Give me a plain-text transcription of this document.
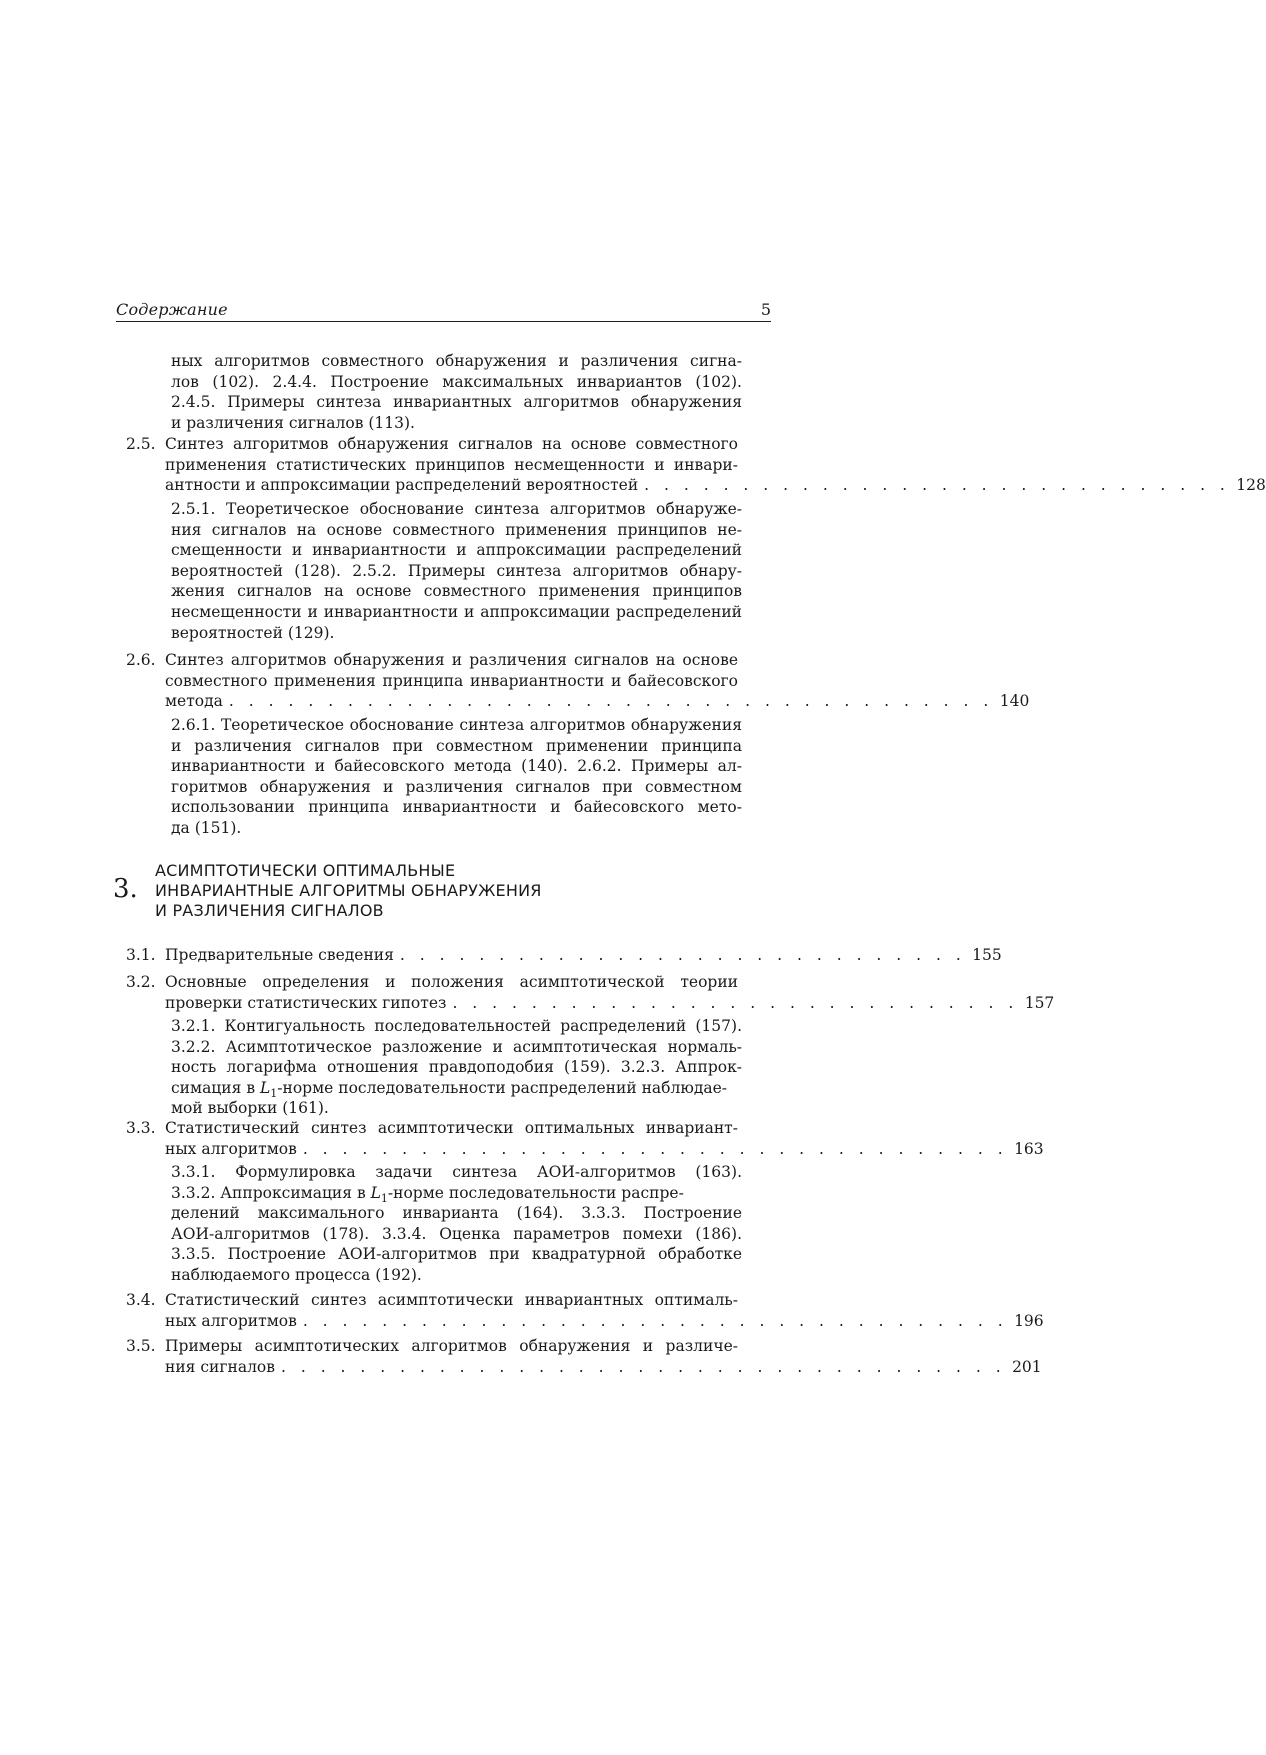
Содержание	5
ных алгоритмов совместного обнаружения и различения сигна-
лов (102). 2.4.4. Построение максимальных инвариантов (102).
2.4.5. Примеры синтеза инвариантных алгоритмов обнаружения
и различения сигналов (113).
2.5. Синтез алгоритмов обнаружения сигналов на основе совместного
применения статистических принципов несмещенности и инвари-
антности и аппроксимации распределений вероятностей . . . . . . . . . . . . . . . . . . . . . . . . . . . . . . 128
2.5.1. Теоретическое обоснование синтеза алгоритмов обнаруже-
ния сигналов на основе совместного применения принципов не-
смещенности и инвариантности и аппроксимации распределений
вероятностей (128). 2.5.2. Примеры синтеза алгоритмов обнару-
жения сигналов на основе совместного применения принципов
несмещенности и инвариантности и аппроксимации распределений
вероятностей (129).
2.6. Синтез алгоритмов обнаружения и различения сигналов на основе
совместного применения принципа инвариантности и байесовского
метода . . . . . . . . . . . . . . . . . . . . . . . . . . . . . . . . . . . . . . . 140
2.6.1. Теоретическое обоснование синтеза алгоритмов обнаружения
и различения сигналов при совместном применении принципа
инвариантности и байесовского метода (140). 2.6.2. Примеры ал-
горитмов обнаружения и различения сигналов при совместном
использовании принципа инвариантности и байесовского мето-
да (151).
3.
АСИМПТОТИЧЕСКИ ОПТИМАЛЬНЫЕ
ИНВАРИАНТНЫЕ АЛГОРИТМЫ ОБНАРУЖЕНИЯ
И РАЗЛИЧЕНИЯ СИГНАЛОВ
3.1. Предварительные сведения . . . . . . . . . . . . . . . . . . . . . . . . . . . . . 155
3.2. Основные определения и положения асимптотической теории
проверки статистических гипотез . . . . . . . . . . . . . . . . . . . . . . . . . . . . . 157
3.2.1. Контигуальность последовательностей распределений (157).
3.2.2. Асимптотическое разложение и асимптотическая нормаль-
ность логарифма отношения правдоподобия (159). 3.2.3. Аппрок-
симация в $L_1$-норме последовательности распределений наблюдае-
мой выборки (161).
3.3. Статистический синтез асимптотически оптимальных инвариант-
ных алгоритмов . . . . . . . . . . . . . . . . . . . . . . . . . . . . . . . . . . . . 163
3.3.1. Формулировка задачи синтеза АОИ-алгоритмов (163).
3.3.2. Аппроксимация в $L_1$-норме последовательности распре-
делений максимального инварианта (164). 3.3.3. Построение
АОИ-алгоритмов (178). 3.3.4. Оценка параметров помехи (186).
3.3.5. Построение АОИ-алгоритмов при квадратурной обработке
наблюдаемого процесса (192).
3.4. Статистический синтез асимптотически инвариантных оптималь-
ных алгоритмов . . . . . . . . . . . . . . . . . . . . . . . . . . . . . . . . . . . . 196
3.5. Примеры асимптотических алгоритмов обнаружения и различе-
ния сигналов . . . . . . . . . . . . . . . . . . . . . . . . . . . . . . . . . . . . . 201
